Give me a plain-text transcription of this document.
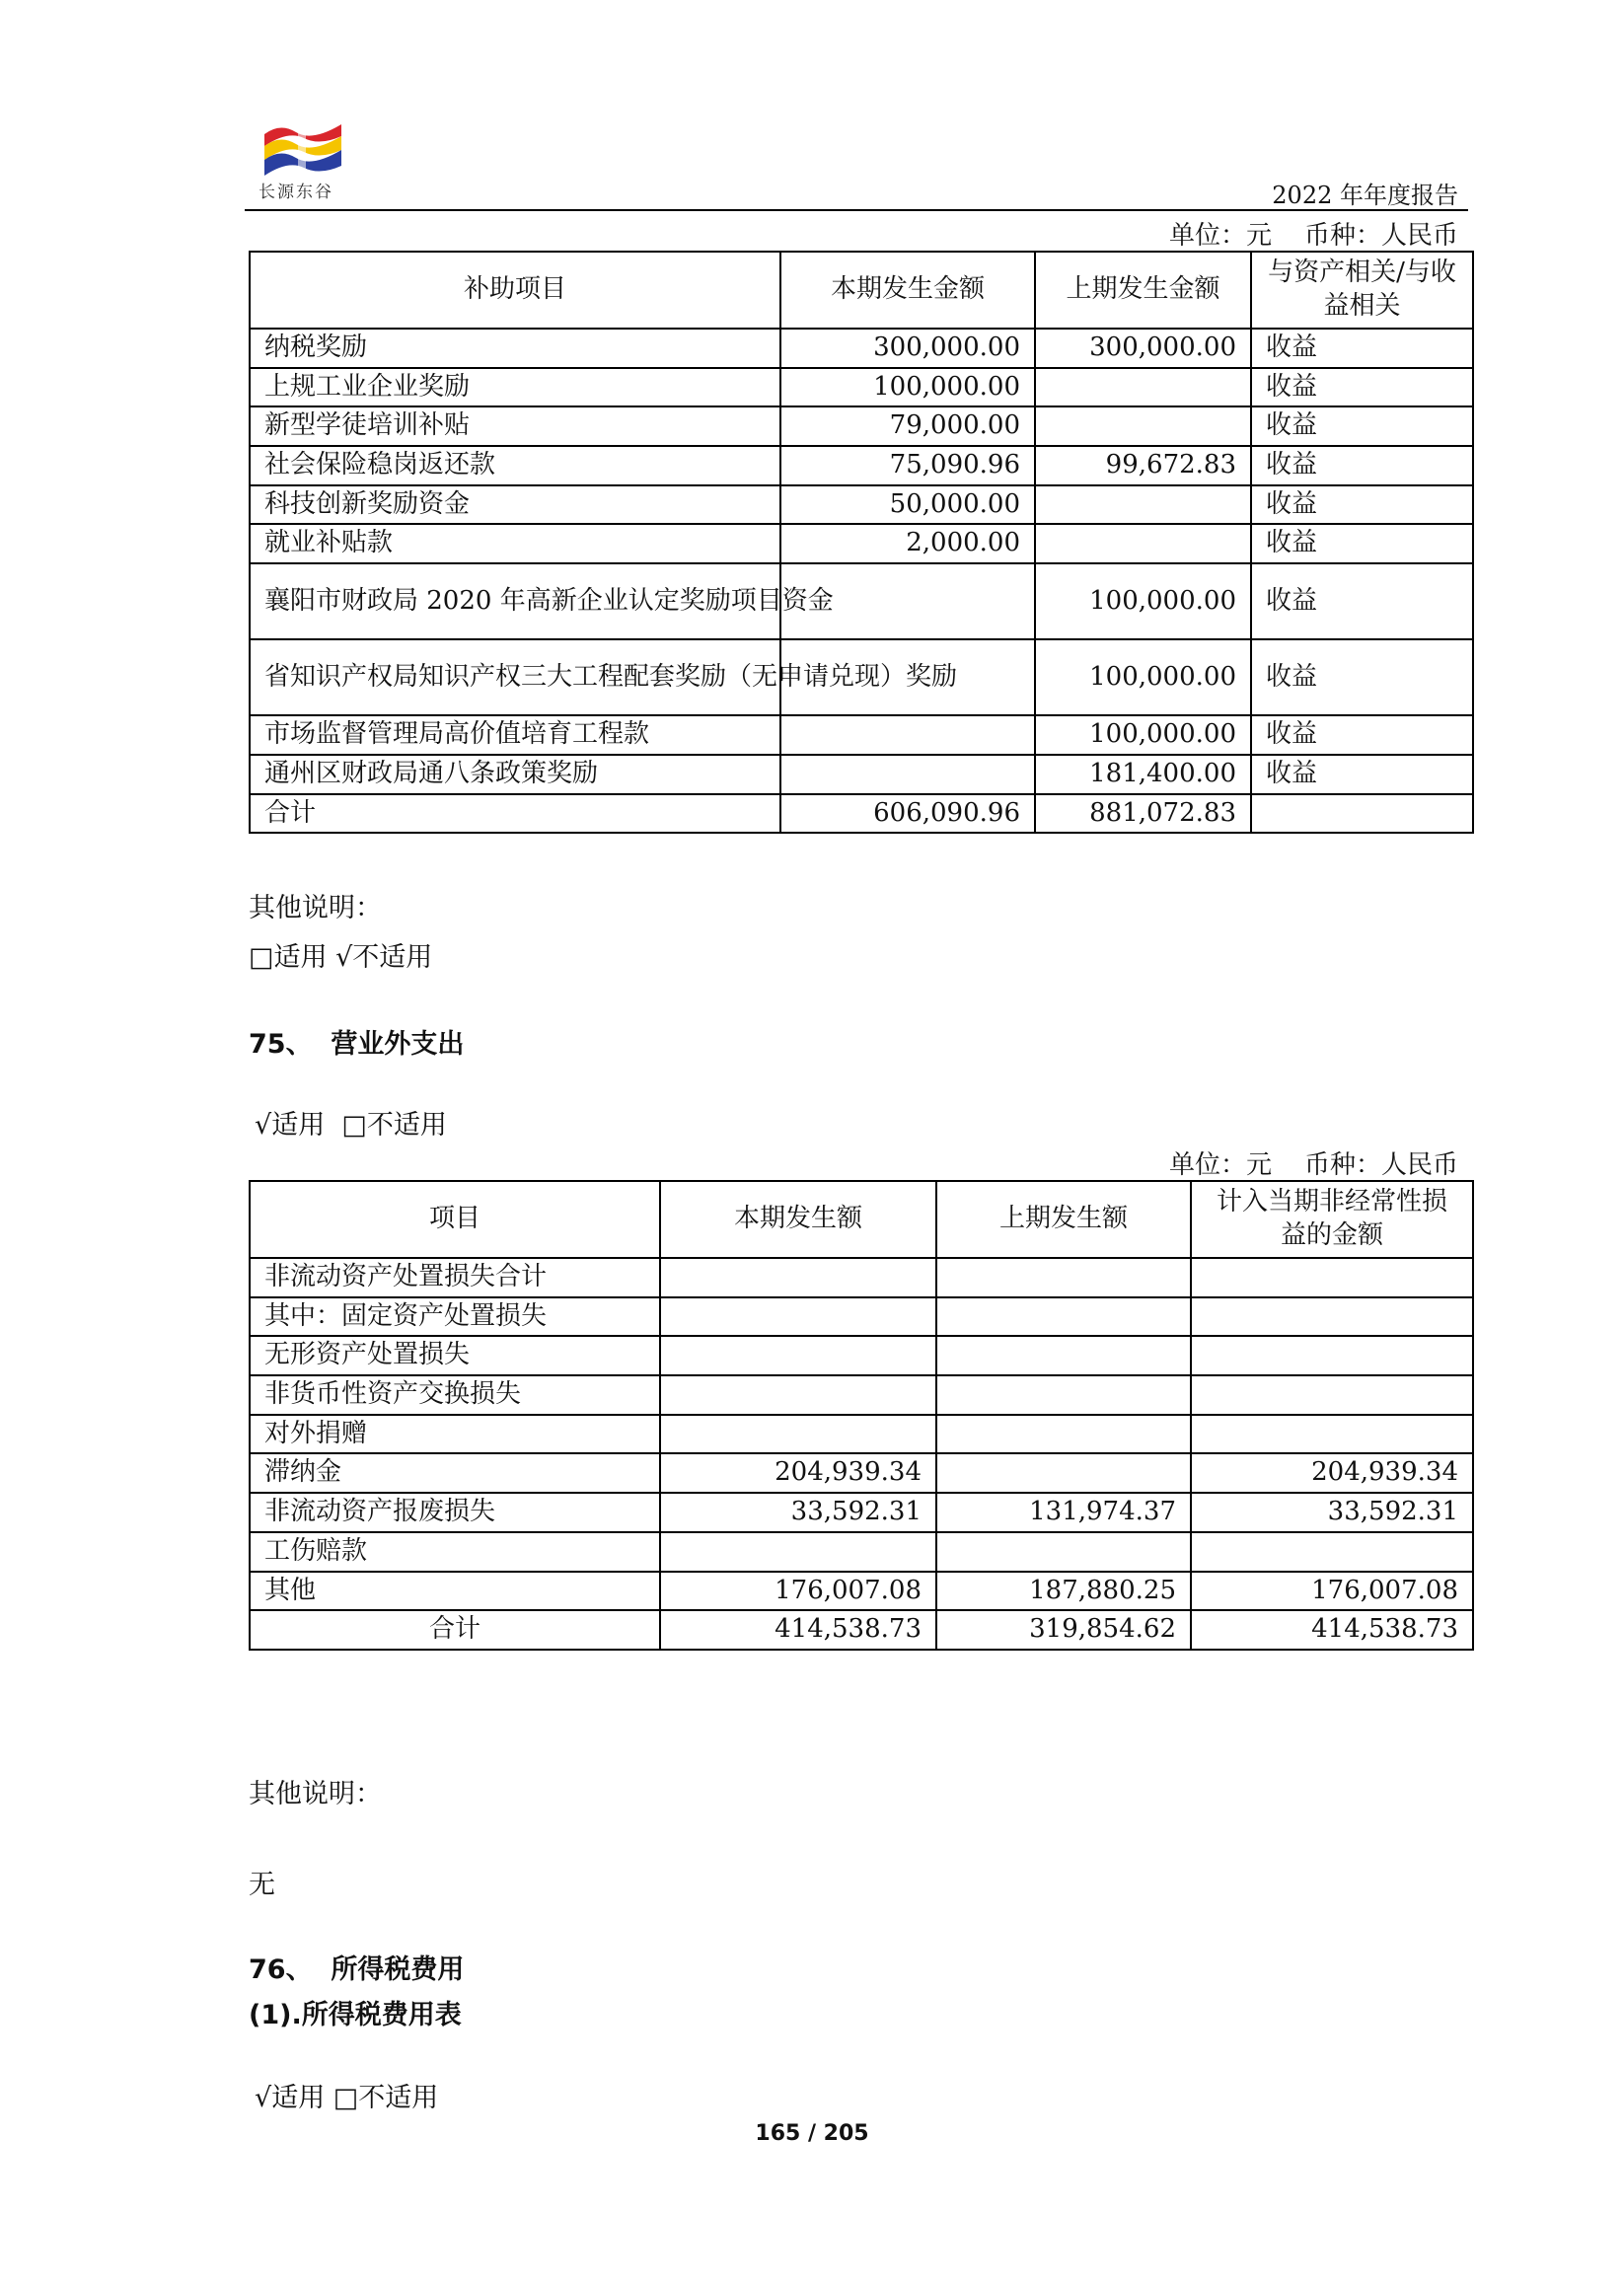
长源东谷	2022 年年度报告
单位：元    币种：人民币
补助项目	本期发生金额	上期发生金额	与资产相关/与收益相关
纳税奖励	300,000.00	300,000.00	收益
上规工业企业奖励	100,000.00		收益
新型学徒培训补贴	79,000.00		收益
社会保险稳岗返还款	75,090.96	99,672.83	收益
科技创新奖励资金	50,000.00		收益
就业补贴款	2,000.00		收益
襄阳市财政局 2020 年高新企业认定奖励项目资金		100,000.00	收益
省知识产权局知识产权三大工程配套奖励（无申请兑现）奖励		100,000.00	收益
市场监督管理局高价值培育工程款		100,000.00	收益
通州区财政局通八条政策奖励		181,400.00	收益
合计	606,090.96	881,072.83	
其他说明：
□适用 √不适用
75、  营业外支出
√适用  □不适用
单位：元    币种：人民币
项目	本期发生额	上期发生额	计入当期非经常性损益的金额
非流动资产处置损失合计			
其中：固定资产处置损失			
无形资产处置损失			
非货币性资产交换损失			
对外捐赠			
滞纳金	204,939.34		204,939.34
非流动资产报废损失	33,592.31	131,974.37	33,592.31
工伤赔款			
其他	176,007.08	187,880.25	176,007.08
合计	414,538.73	319,854.62	414,538.73
其他说明：
无
76、  所得税费用
(1).所得税费用表
√适用 □不适用
165 / 205
